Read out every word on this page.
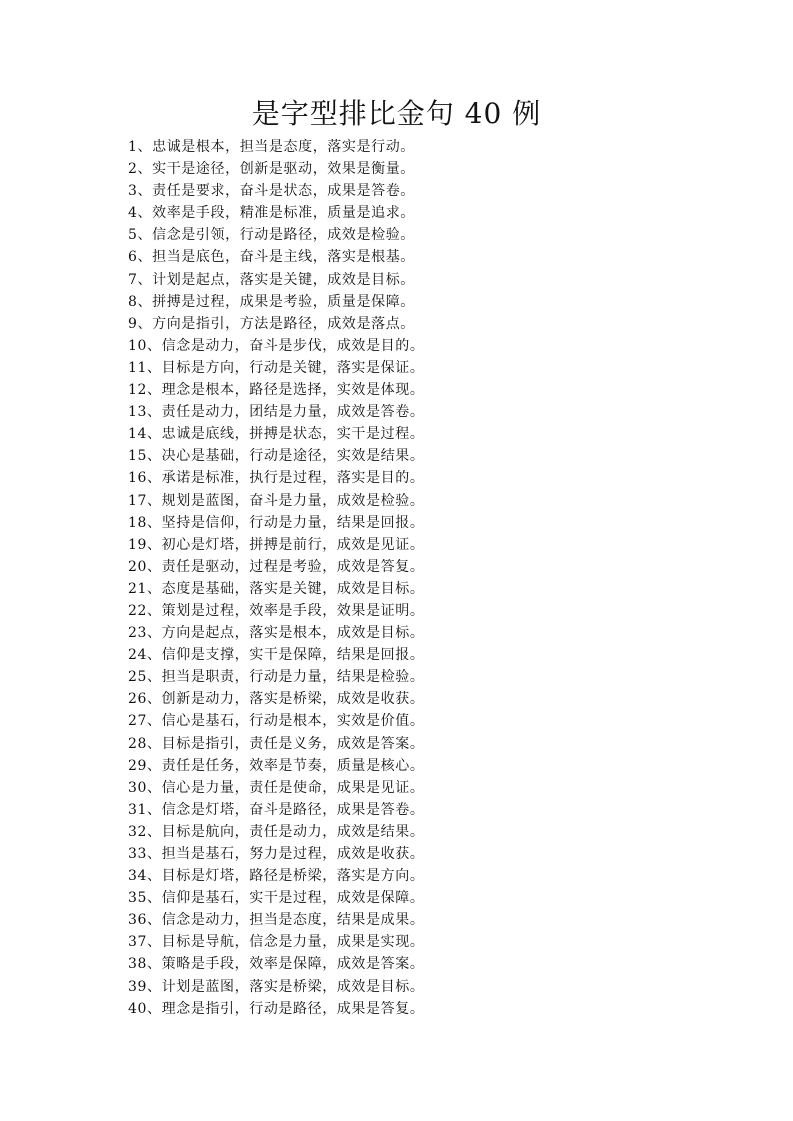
是字型排比金句 40 例
1、忠诚是根本，担当是态度，落实是行动。
2、实干是途径，创新是驱动，效果是衡量。
3、责任是要求，奋斗是状态，成果是答卷。
4、效率是手段，精准是标准，质量是追求。
5、信念是引领，行动是路径，成效是检验。
6、担当是底色，奋斗是主线，落实是根基。
7、计划是起点，落实是关键，成效是目标。
8、拼搏是过程，成果是考验，质量是保障。
9、方向是指引，方法是路径，成效是落点。
10、信念是动力，奋斗是步伐，成效是目的。
11、目标是方向，行动是关键，落实是保证。
12、理念是根本，路径是选择，实效是体现。
13、责任是动力，团结是力量，成效是答卷。
14、忠诚是底线，拼搏是状态，实干是过程。
15、决心是基础，行动是途径，实效是结果。
16、承诺是标准，执行是过程，落实是目的。
17、规划是蓝图，奋斗是力量，成效是检验。
18、坚持是信仰，行动是力量，结果是回报。
19、初心是灯塔，拼搏是前行，成效是见证。
20、责任是驱动，过程是考验，成效是答复。
21、态度是基础，落实是关键，成效是目标。
22、策划是过程，效率是手段，效果是证明。
23、方向是起点，落实是根本，成效是目标。
24、信仰是支撑，实干是保障，结果是回报。
25、担当是职责，行动是力量，结果是检验。
26、创新是动力，落实是桥梁，成效是收获。
27、信心是基石，行动是根本，实效是价值。
28、目标是指引，责任是义务，成效是答案。
29、责任是任务，效率是节奏，质量是核心。
30、信心是力量，责任是使命，成果是见证。
31、信念是灯塔，奋斗是路径，成果是答卷。
32、目标是航向，责任是动力，成效是结果。
33、担当是基石，努力是过程，成效是收获。
34、目标是灯塔，路径是桥梁，落实是方向。
35、信仰是基石，实干是过程，成效是保障。
36、信念是动力，担当是态度，结果是成果。
37、目标是导航，信念是力量，成果是实现。
38、策略是手段，效率是保障，成效是答案。
39、计划是蓝图，落实是桥梁，成效是目标。
40、理念是指引，行动是路径，成果是答复。
